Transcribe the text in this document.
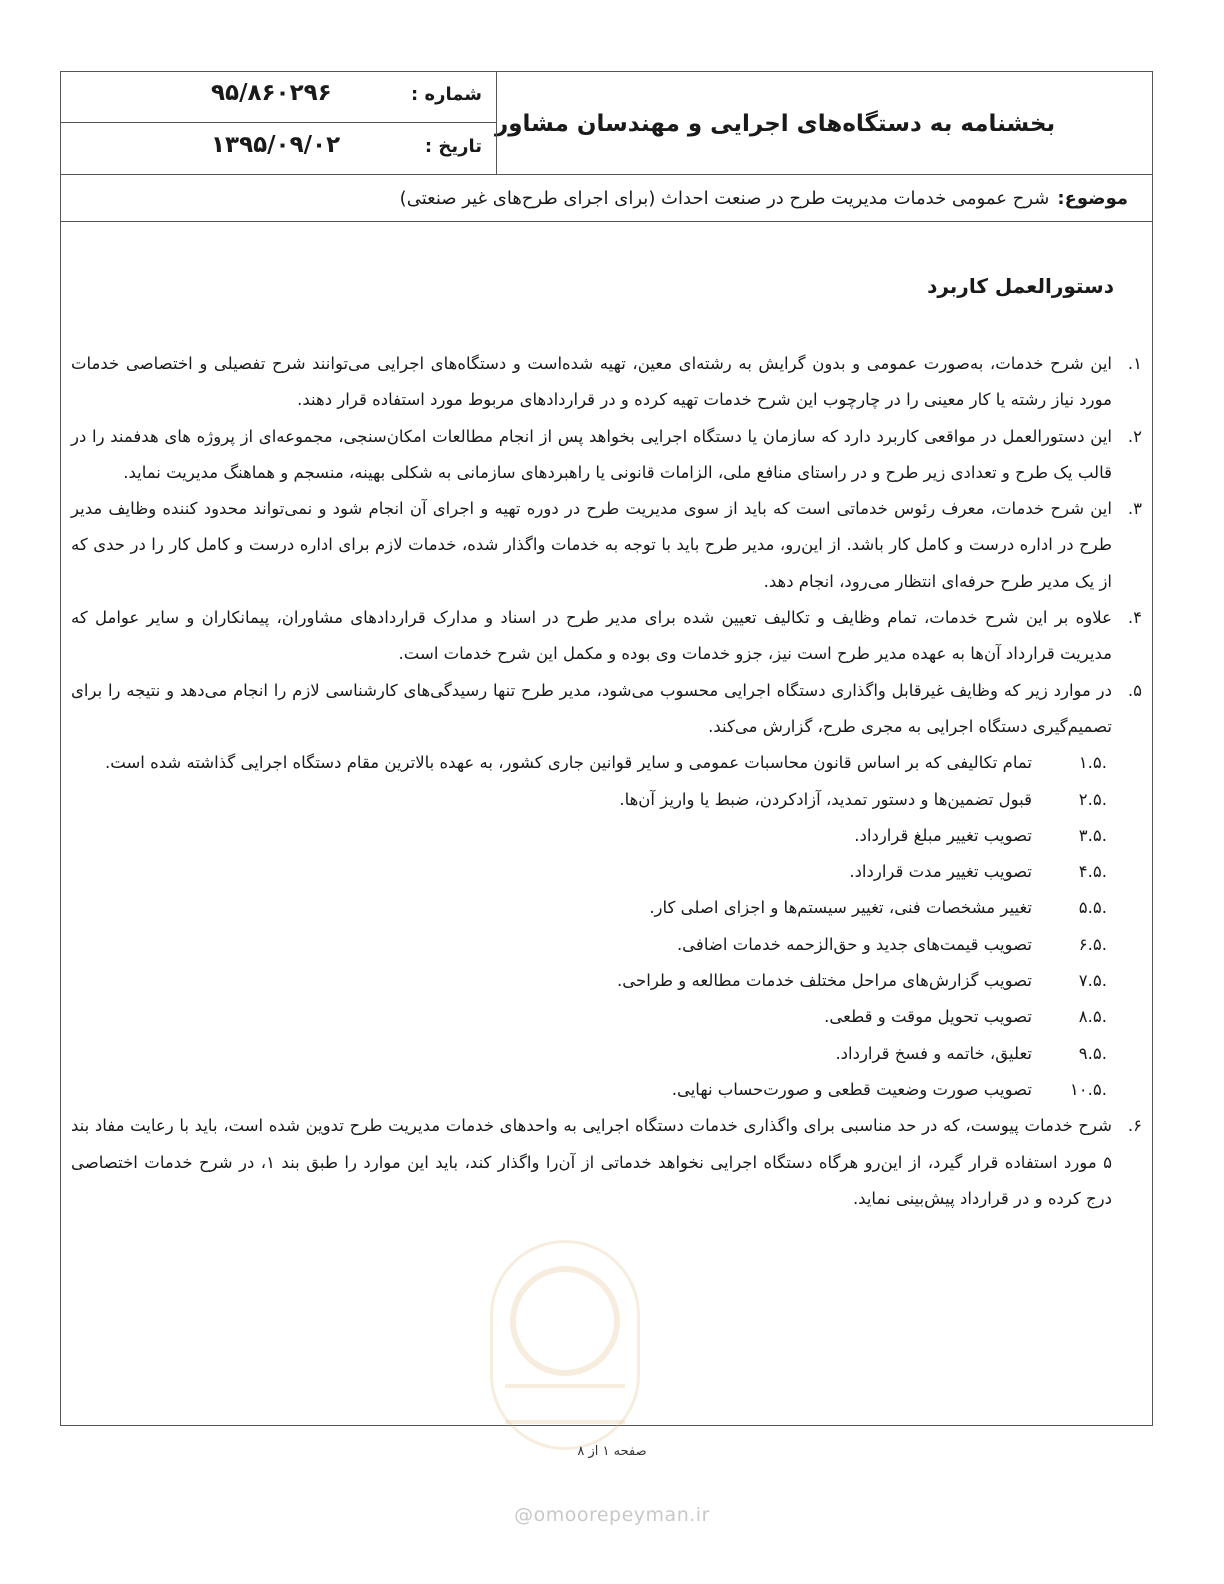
بخشنامه به دستگاه‌های اجرایی و مهندسان مشاور
شماره :
۹۵/۸۶۰۲۹۶
تاریخ :
۱۳۹۵/۰۹/۰۲
موضوع:
شرح عمومی خدمات مدیریت طرح در صنعت احداث (برای اجرای طرح‌های غیر صنعتی)
دستورالعمل کاربرد
۱.
این شرح خدمات، به‌صورت عمومی و بدون گرایش به رشته‌ای معین، تهیه شده‌است و دستگاه‌های اجرایی می‌توانند شرح تفصیلی و اختصاصی خدمات مورد نیاز رشته یا کار معینی را در چارچوب این شرح خدمات تهیه کرده و در قراردادهای مربوط مورد استفاده قرار دهند.
۲.
این دستورالعمل در مواقعی کاربرد دارد که سازمان یا دستگاه اجرایی بخواهد پس از انجام مطالعات امکان‌سنجی، مجموعه‌ای از پروژه های هدفمند را در قالب یک طرح و تعدادی زیر طرح و در راستای منافع ملی، الزامات قانونی یا راهبردهای سازمانی به شکلی بهینه، منسجم و هماهنگ مدیریت نماید.
۳.
این شرح خدمات، معرف رئوس خدماتی است که باید از سوی مدیریت طرح در دوره تهیه و اجرای آن انجام شود و نمی‌تواند محدود کننده وظایف مدیر طرح در اداره درست و کامل کار باشد. از این‌رو، مدیر طرح باید با توجه به خدمات واگذار شده، خدمات لازم برای اداره درست و کامل کار را در حدی که از یک مدیر طرح حرفه‌ای انتظار می‌رود، انجام دهد.
۴.
علاوه بر این شرح خدمات، تمام وظایف و تکالیف تعیین شده برای مدیر طرح در اسناد و مدارک قراردادهای مشاوران، پیمانکاران و سایر عوامل که مدیریت قرارداد آن‌ها به عهده مدیر طرح است نیز، جزو خدمات وی بوده و مکمل این شرح خدمات است.
۵.
در موارد زیر که وظایف غیرقابل واگذاری دستگاه اجرایی محسوب می‌شود، مدیر طرح تنها رسیدگی‌های کارشناسی لازم را انجام می‌دهد و نتیجه را برای تصمیم‌گیری دستگاه اجرایی به مجری طرح، گزارش می‌کند.
۱.۵.
تمام تکالیفی که بر اساس قانون محاسبات عمومی و سایر قوانین جاری کشور، به عهده بالاترین مقام دستگاه اجرایی گذاشته شده است.
۲.۵.
قبول تضمین‌ها و دستور تمدید، آزادکردن، ضبط یا واریز آن‌ها.
۳.۵.
تصویب تغییر مبلغ قرارداد.
۴.۵.
تصویب تغییر مدت قرارداد.
۵.۵.
تغییر مشخصات فنی، تغییر سیستم‌ها و اجزای اصلی کار.
۶.۵.
تصویب قیمت‌های جدید و حق‌الزحمه خدمات اضافی.
۷.۵.
تصویب گزارش‌های مراحل مختلف خدمات مطالعه و طراحی.
۸.۵.
تصویب تحویل موقت و قطعی.
۹.۵.
تعلیق، خاتمه و فسخ قرارداد.
۱۰.۵.
تصویب صورت وضعیت قطعی و صورت‌حساب نهایی.
۶.
شرح خدمات پیوست، که در حد مناسبی برای واگذاری خدمات دستگاه اجرایی به واحدهای خدمات مدیریت طرح تدوین شده است، باید با رعایت مفاد بند ۵ مورد استفاده قرار گیرد، از این‌رو هرگاه دستگاه اجرایی نخواهد خدماتی از آن‌را واگذار کند، باید این موارد را طبق بند ۱، در شرح خدمات اختصاصی درج کرده و در قرارداد پیش‌بینی نماید.
صفحه ۱ از ۸
@omoorepeyman.ir
